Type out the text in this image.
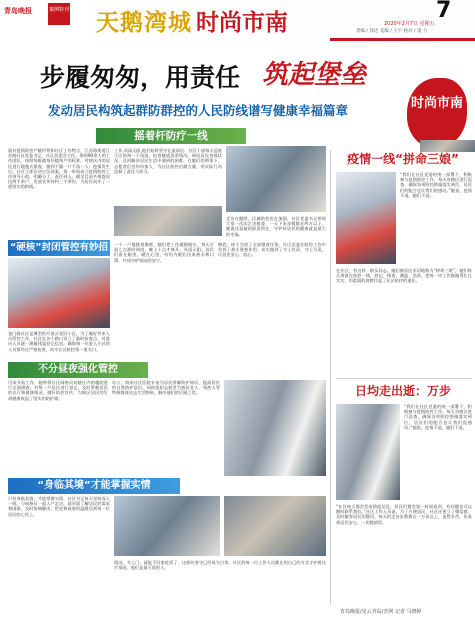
青岛晚报	案例特刊 天鹅湾城 时尚市南	7
2020年2月7日 星期五
责编 / 徐达 美编 / 王宇 校对 / 凌 力
步履匆匆，用责任 筑起堡垒
发动居民构筑起群防群控的人民防线谱写健康幸福篇章	时尚市南
摇着杆防疗一线
面对疫情防控严峻形势和社区工作特点，江苏路街道江苏路社区党委书记、社区居委会主任，带领90余人的工作团队，按照每栋楼每层楼每户的标准，对辖区内的居民进行地毯式排查，做到不漏一户不落一人。疫情发生后，社区立即启动应急预案，第一时间成立疫情防控工作领导小组，明确分工，责任到人。截至目前共排查居民两千余户，发放宣传材料三千余份，为居民筑牢了一道坚实的防线。
工作,风雨无阻,他们始终坚守在最前沿。社区干部每天巡查小区的每一个角落，检查楼道消杀情况，询问居民身体状况，及时解决居民生活中遇到的困难。在她们的带领下，志愿者们也纷纷加入，为社区防控贡献力量，用实际行动诠释了责任与担当。
走访在继续，区域防控也在加强，社区党委书记带领大家一次次走访排查，一天下来步数都在两万以上，她说这是她的职责所在，守护好居民的健康就是最大的幸福。
“硬核”封闭管控有妙招
金门路社区是典型的开放式老旧小区，为了做好外来人员管控工作，社区在各个路口设立了临时检查点，对进出人员逐一测量体温登记信息，确保每一位进入小区的人员都经过严格检查，筑牢社区防控第一道关口。
一个一户地排查摸底，她们把工作做细做实，每天早晨七点准时到岗，晚上十点才离开，风雨无阻。居民们看在眼里，暖在心里，纷纷为她们送来热水和口罩，共同守护家园的安宁。
陶瓷，终于完成了全部排查任务，社区党委在防控工作中发挥了战斗堡垒作用，切实做到了守土有责、守土尽责，让居民安心、放心。
不分昼夜强化管控
闫成开始工作，她带领社区网格员对辖区内的楼院进行全面排查，对每一户居民进行登记，及时掌握居民的出行和健康情况，做好防控宣传，为辖区居民的生命健康筑起了坚实的防护墙。
办公，请来社区医院专家为居民讲解防护知识，提高居民的自我防护意识。同时组织志愿者为独居老人、残疾人等特殊群体送去生活物资，解决他们的后顾之忧。
“身临其境”才能掌握实情
只有身临其境，才能掌握实情，社区书记每天坚持深入一线，与网格员一起入户走访，面对面了解居民的需求和困难，及时协调解决，把党和政府的温暖送到每一位居民的心坎上。
情况，关上门，就能不回家吃饭了，这样的坚守已经成为日常。社区的每一位工作人员都在用自己的方式守护着这片家园，他们是最可爱的人。
疫情一线“拼命三娘”
“我们在社区党委的统一部署下，积极参与疫情防控工作，每天对辖区进行巡查，确保各项防控措施落实到位，居民们的配合也让我们很感动。”她说，疫情不退，她们不退。
在社区，有这样一群女同志，她们被居民亲切地称为“拼命三娘”，她们每天奔波在防控一线，登记、排查、测温、消杀，把每一项工作都做得扎扎实实，用柔弱的肩膀扛起了社区防控的重任。
日均走出逝：万步
“我们在社区党委的统一部署下，积极参与疫情防控工作，每天对辖区进行巡查，确保各项防控措施落实到位，居民们的配合也让我们很感动。”她说，疫情不退，她们不退。
“社区每天都会发布防疫信息，居民们都会第一时间看到，有问题也可以随时联系我们。”社区工作人员说，为了方便居民，社区还建立了微信群，及时解答居民的疑问，每天的走访步数都在一万步以上，虽然辛苦，但看到居民安心，一切都值得。
青岛晚报/星云青岛/青网 记者 马晓婷
